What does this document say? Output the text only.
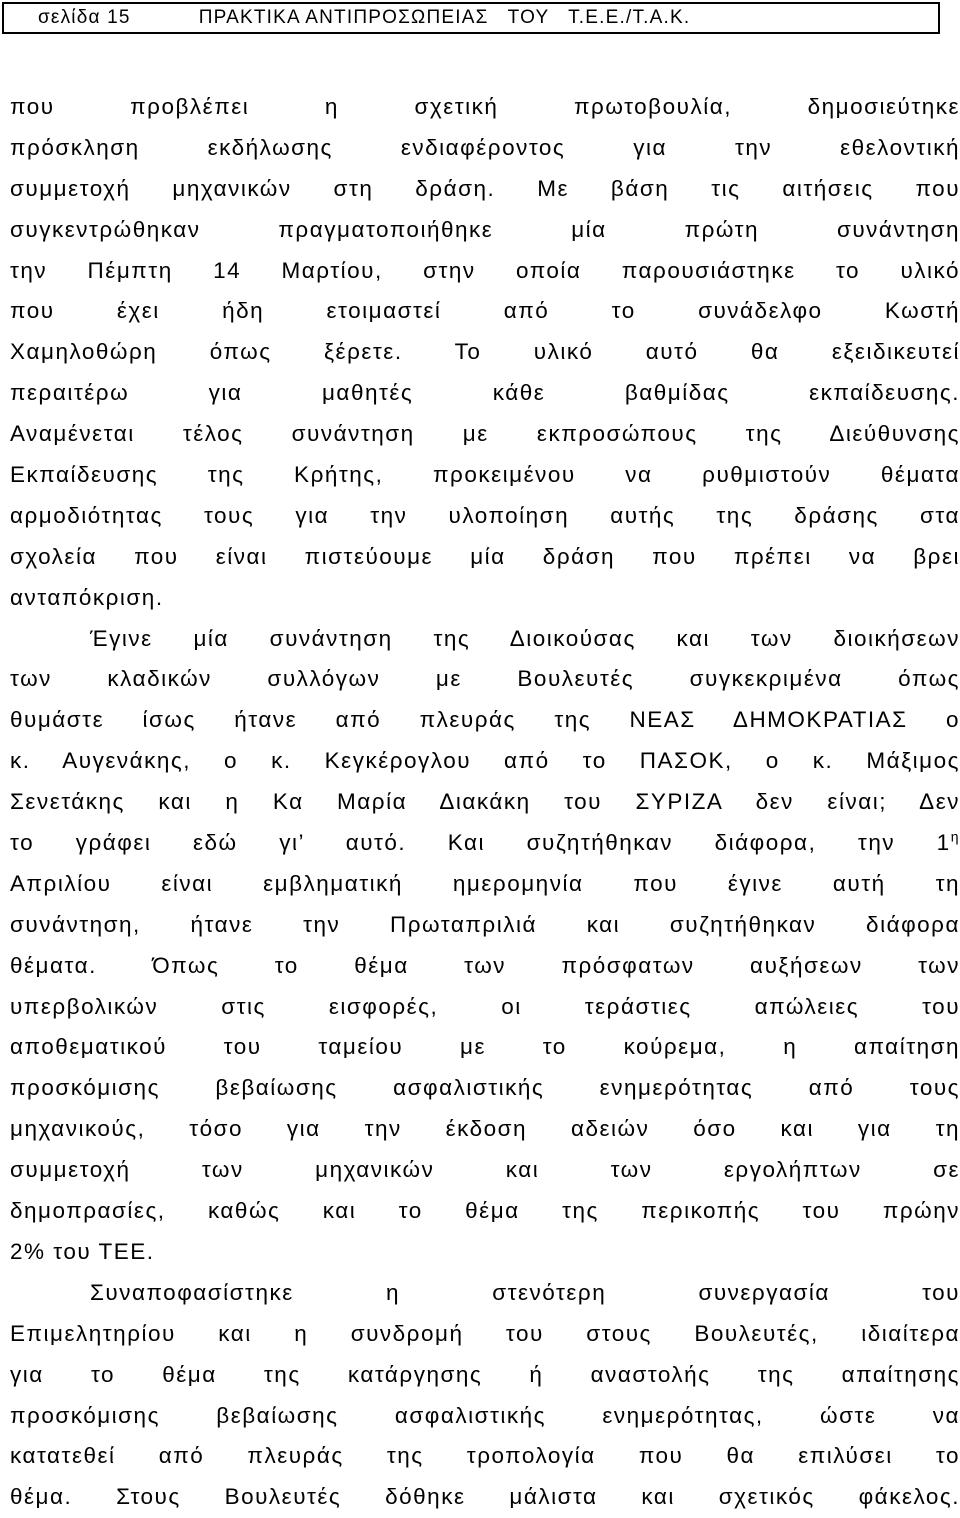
σελίδα 15	ΠΡΑΚΤΙΚΑ ΑΝΤΙΠΡΟΣΩΠΕΙΑΣ   ΤΟΥ   Τ.Ε.Ε./Τ.Α.Κ.
που προβλέπει η σχετική πρωτοβουλία, δημοσιεύτηκε
πρόσκληση εκδήλωσης ενδιαφέροντος για την εθελοντική
συμμετοχή μηχανικών στη δράση. Με βάση τις αιτήσεις που
συγκεντρώθηκαν πραγματοποιήθηκε μία πρώτη συνάντηση
την Πέμπτη 14 Μαρτίου, στην οποία παρουσιάστηκε το υλικό
που έχει ήδη ετοιμαστεί από το συνάδελφο Κωστή
Χαμηλοθώρη όπως ξέρετε. Το υλικό αυτό θα εξειδικευτεί
περαιτέρω για μαθητές κάθε βαθμίδας εκπαίδευσης.
Αναμένεται τέλος συνάντηση με εκπροσώπους της Διεύθυνσης
Εκπαίδευσης της Κρήτης, προκειμένου να ρυθμιστούν θέματα
αρμοδιότητας τους για την υλοποίηση αυτής της δράσης στα
σχολεία που είναι πιστεύουμε μία δράση που πρέπει να βρει
ανταπόκριση.
Έγινε μία συνάντηση της Διοικούσας και των διοικήσεων
των κλαδικών συλλόγων με Βουλευτές συγκεκριμένα όπως
θυμάστε ίσως ήτανε από πλευράς της ΝΕΑΣ ΔΗΜΟΚΡΑΤΙΑΣ ο
κ. Αυγενάκης, ο κ. Κεγκέρογλου από το ΠΑΣΟΚ, ο κ. Μάξιμος
Σενετάκης και η Κα Μαρία Διακάκη του ΣΥΡΙΖΑ δεν είναι; Δεν
το γράφει εδώ γι’ αυτό. Και συζητήθηκαν διάφορα, την $1^\eta$
Απριλίου είναι εμβληματική ημερομηνία που έγινε αυτή τη
συνάντηση, ήτανε την Πρωταπριλιά και συζητήθηκαν διάφορα
θέματα. Όπως το θέμα των πρόσφατων αυξήσεων των
υπερβολικών στις εισφορές, οι τεράστιες απώλειες του
αποθεματικού του ταμείου με το κούρεμα, η απαίτηση
προσκόμισης βεβαίωσης ασφαλιστικής ενημερότητας από τους
μηχανικούς, τόσο για την έκδοση αδειών όσο και για τη
συμμετοχή των μηχανικών και των εργολήπτων σε
δημοπρασίες, καθώς και το θέμα της περικοπής του πρώην
2% του ΤΕΕ.
Συναποφασίστηκε η στενότερη συνεργασία του
Επιμελητηρίου και η συνδρομή του στους Βουλευτές, ιδιαίτερα
για το θέμα της κατάργησης ή αναστολής της απαίτησης
προσκόμισης βεβαίωσης ασφαλιστικής ενημερότητας, ώστε να
κατατεθεί από πλευράς της τροπολογία που θα επιλύσει το
θέμα. Στους Βουλευτές δόθηκε μάλιστα και σχετικός φάκελος.
